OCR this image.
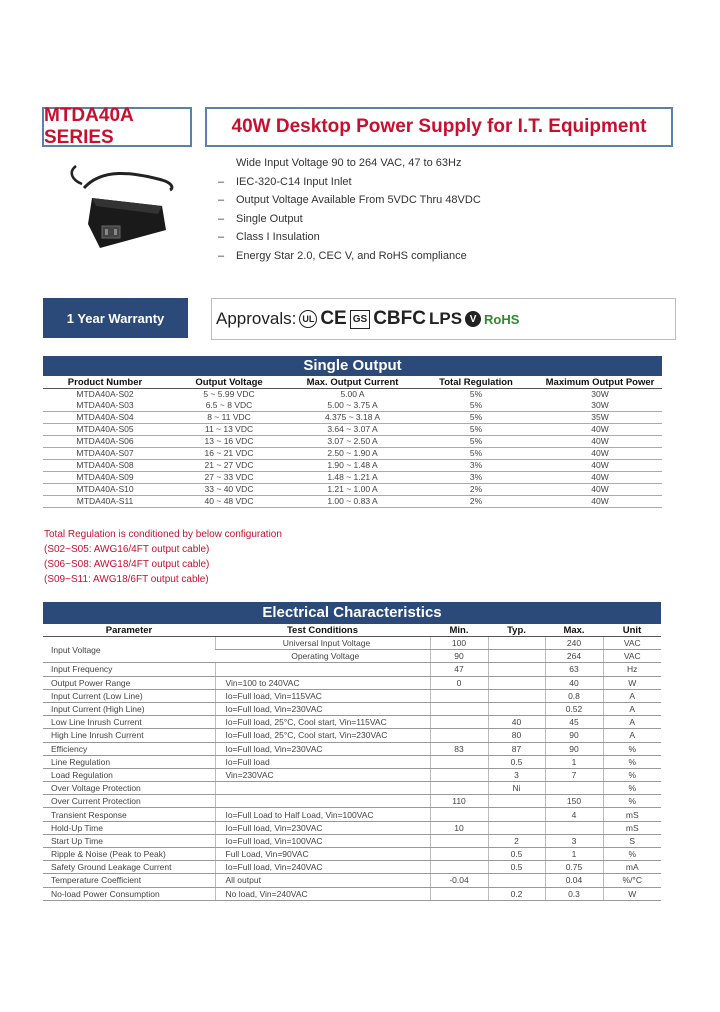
MTDA40A SERIES
40W Desktop Power Supply for I.T. Equipment
Wide Input Voltage 90 to 264 VAC, 47 to 63Hz
–	IEC-320-C14 Input Inlet
–	Output Voltage Available From 5VDC Thru 48VDC
–	Single Output
–	Class I Insulation
–	Energy Star 2.0, CEC V, and RoHS compliance
1 Year Warranty	Approvals: UL CE GS CB FC LPS V RoHS
Single Output
Product Number	Output Voltage	Max. Output Current	Total Regulation	Maximum Output Power
MTDA40A-S02	5 ~ 5.99 VDC	5.00 A	5%	30W
MTDA40A-S03	6.5 ~ 8 VDC	5.00 ~ 3.75 A	5%	30W
MTDA40A-S04	8 ~ 11 VDC	4.375 ~ 3.18 A	5%	35W
MTDA40A-S05	11 ~ 13 VDC	3.64 ~ 3.07 A	5%	40W
MTDA40A-S06	13 ~ 16 VDC	3.07 ~ 2.50 A	5%	40W
MTDA40A-S07	16 ~ 21 VDC	2.50 ~ 1.90 A	5%	40W
MTDA40A-S08	21 ~ 27 VDC	1.90 ~ 1.48 A	3%	40W
MTDA40A-S09	27 ~ 33 VDC	1.48 ~ 1.21 A	3%	40W
MTDA40A-S10	33 ~ 40 VDC	1.21 ~ 1.00 A	2%	40W
MTDA40A-S11	40 ~ 48 VDC	1.00 ~ 0.83 A	2%	40W
Total Regulation is conditioned by below configuration
(S02~S05: AWG16/4FT output cable)
(S06~S08: AWG18/4FT output cable)
(S09~S11: AWG18/6FT output cable)
Electrical Characteristics
Parameter	Test Conditions	Min.	Typ.	Max.	Unit
Input Voltage	Universal Input Voltage	100		240	VAC
	Operating Voltage	90		264	VAC
Input Frequency		47		63	Hz
Output Power Range	Vin=100 to 240VAC	0		40	W
Input Current (Low Line)	Io=Full load, Vin=115VAC			0.8	A
Input Current (High Line)	Io=Full load, Vin=230VAC			0.52	A
Low Line Inrush Current	Io=Full load, 25°C, Cool start, Vin=115VAC		40	45	A
High Line Inrush Current	Io=Full load, 25°C, Cool start, Vin=230VAC		80	90	A
Efficiency	Io=Full load, Vin=230VAC	83	87	90	%
Line Regulation	Io=Full load		0.5	1	%
Load Regulation	Vin=230VAC		3	7	%
Over Voltage Protection			Ni		%
Over Current Protection		110		150	%
Transient Response	Io=Full Load to Half Load, Vin=100VAC			4	mS
Hold-Up Time	Io=Full load, Vin=230VAC	10			mS
Start Up Time	Io=Full load, Vin=100VAC		2	3	S
Ripple & Noise (Peak to Peak)	Full Load, Vin=90VAC		0.5	1	%
Safety Ground Leakage Current	Io=Full load, Vin=240VAC		0.5	0.75	mA
Temperature Coefficient	All output	-0.04		0.04	%/°C
No-load Power Consumption	No load, Vin=240VAC		0.2	0.3	W
